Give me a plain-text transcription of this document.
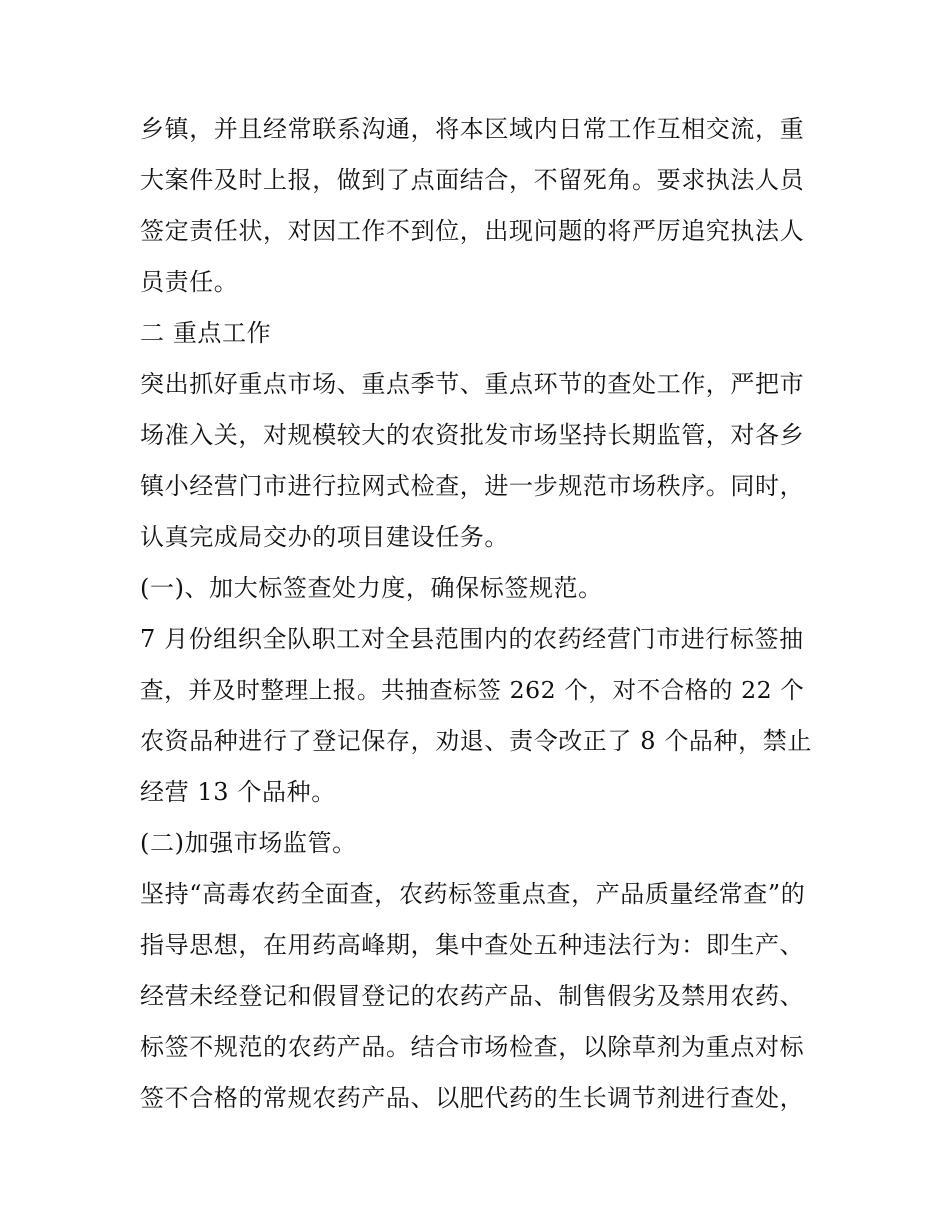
乡镇，并且经常联系沟通，将本区域内日常工作互相交流，重
大案件及时上报，做到了点面结合，不留死角。要求执法人员
签定责任状，对因工作不到位，出现问题的将严厉追究执法人
员责任。
二 重点工作
突出抓好重点市场、重点季节、重点环节的查处工作，严把市
场准入关，对规模较大的农资批发市场坚持长期监管，对各乡
镇小经营门市进行拉网式检查，进一步规范市场秩序。同时，
认真完成局交办的项目建设任务。
(一)、加大标签查处力度，确保标签规范。
7 月份组织全队职工对全县范围内的农药经营门市进行标签抽
查，并及时整理上报。共抽查标签 262 个，对不合格的 22 个
农资品种进行了登记保存，劝退、责令改正了 8 个品种，禁止
经营 13 个品种。
(二)加强市场监管。
坚持“高毒农药全面查，农药标签重点查，产品质量经常查”的
指导思想，在用药高峰期，集中查处五种违法行为：即生产、
经营未经登记和假冒登记的农药产品、制售假劣及禁用农药、
标签不规范的农药产品。结合市场检查，以除草剂为重点对标
签不合格的常规农药产品、以肥代药的生长调节剂进行查处，
